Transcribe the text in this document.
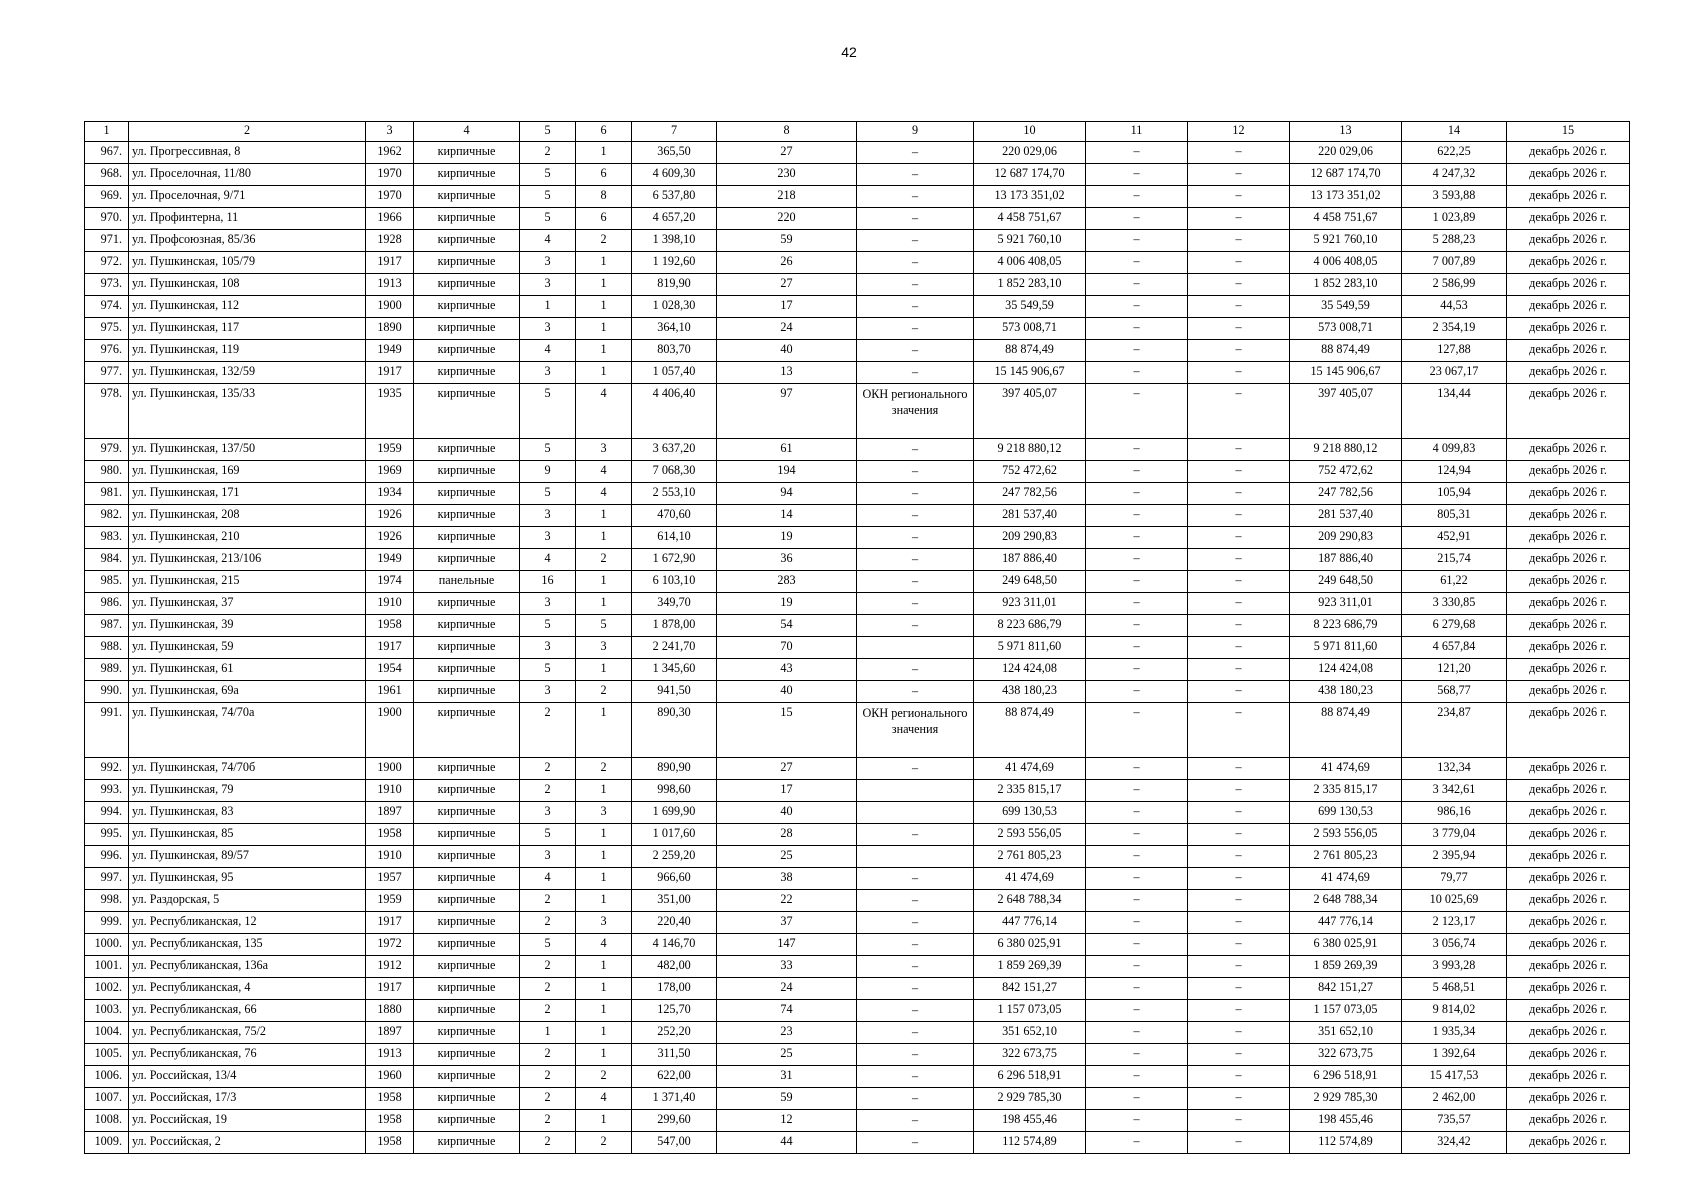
42
1	2	3	4	5	6	7	8	9	10	11	12	13	14	15
967.	ул. Прогрессивная, 8	1962	кирпичные	2	1	365,50	27	–	220 029,06	–	–	220 029,06	622,25	декабрь 2026 г.
968.	ул. Проселочная, 11/80	1970	кирпичные	5	6	4 609,30	230	–	12 687 174,70	–	–	12 687 174,70	4 247,32	декабрь 2026 г.
969.	ул. Проселочная, 9/71	1970	кирпичные	5	8	6 537,80	218	–	13 173 351,02	–	–	13 173 351,02	3 593,88	декабрь 2026 г.
970.	ул. Профинтерна, 11	1966	кирпичные	5	6	4 657,20	220	–	4 458 751,67	–	–	4 458 751,67	1 023,89	декабрь 2026 г.
971.	ул. Профсоюзная, 85/36	1928	кирпичные	4	2	1 398,10	59	–	5 921 760,10	–	–	5 921 760,10	5 288,23	декабрь 2026 г.
972.	ул. Пушкинская, 105/79	1917	кирпичные	3	1	1 192,60	26	–	4 006 408,05	–	–	4 006 408,05	7 007,89	декабрь 2026 г.
973.	ул. Пушкинская, 108	1913	кирпичные	3	1	819,90	27	–	1 852 283,10	–	–	1 852 283,10	2 586,99	декабрь 2026 г.
974.	ул. Пушкинская, 112	1900	кирпичные	1	1	1 028,30	17	–	35 549,59	–	–	35 549,59	44,53	декабрь 2026 г.
975.	ул. Пушкинская, 117	1890	кирпичные	3	1	364,10	24	–	573 008,71	–	–	573 008,71	2 354,19	декабрь 2026 г.
976.	ул. Пушкинская, 119	1949	кирпичные	4	1	803,70	40	–	88 874,49	–	–	88 874,49	127,88	декабрь 2026 г.
977.	ул. Пушкинская, 132/59	1917	кирпичные	3	1	1 057,40	13	–	15 145 906,67	–	–	15 145 906,67	23 067,17	декабрь 2026 г.
978.	ул. Пушкинская, 135/33	1935	кирпичные	5	4	4 406,40	97	ОКН регионального значения	397 405,07	–	–	397 405,07	134,44	декабрь 2026 г.
979.	ул. Пушкинская, 137/50	1959	кирпичные	5	3	3 637,20	61	–	9 218 880,12	–	–	9 218 880,12	4 099,83	декабрь 2026 г.
980.	ул. Пушкинская, 169	1969	кирпичные	9	4	7 068,30	194	–	752 472,62	–	–	752 472,62	124,94	декабрь 2026 г.
981.	ул. Пушкинская, 171	1934	кирпичные	5	4	2 553,10	94	–	247 782,56	–	–	247 782,56	105,94	декабрь 2026 г.
982.	ул. Пушкинская, 208	1926	кирпичные	3	1	470,60	14	–	281 537,40	–	–	281 537,40	805,31	декабрь 2026 г.
983.	ул. Пушкинская, 210	1926	кирпичные	3	1	614,10	19	–	209 290,83	–	–	209 290,83	452,91	декабрь 2026 г.
984.	ул. Пушкинская, 213/106	1949	кирпичные	4	2	1 672,90	36	–	187 886,40	–	–	187 886,40	215,74	декабрь 2026 г.
985.	ул. Пушкинская, 215	1974	панельные	16	1	6 103,10	283	–	249 648,50	–	–	249 648,50	61,22	декабрь 2026 г.
986.	ул. Пушкинская, 37	1910	кирпичные	3	1	349,70	19	–	923 311,01	–	–	923 311,01	3 330,85	декабрь 2026 г.
987.	ул. Пушкинская, 39	1958	кирпичные	5	5	1 878,00	54	–	8 223 686,79	–	–	8 223 686,79	6 279,68	декабрь 2026 г.
988.	ул. Пушкинская, 59	1917	кирпичные	3	3	2 241,70	70		5 971 811,60	–	–	5 971 811,60	4 657,84	декабрь 2026 г.
989.	ул. Пушкинская, 61	1954	кирпичные	5	1	1 345,60	43	–	124 424,08	–	–	124 424,08	121,20	декабрь 2026 г.
990.	ул. Пушкинская, 69а	1961	кирпичные	3	2	941,50	40	–	438 180,23	–	–	438 180,23	568,77	декабрь 2026 г.
991.	ул. Пушкинская, 74/70а	1900	кирпичные	2	1	890,30	15	ОКН регионального значения	88 874,49	–	–	88 874,49	234,87	декабрь 2026 г.
992.	ул. Пушкинская, 74/70б	1900	кирпичные	2	2	890,90	27	–	41 474,69	–	–	41 474,69	132,34	декабрь 2026 г.
993.	ул. Пушкинская, 79	1910	кирпичные	2	1	998,60	17		2 335 815,17	–	–	2 335 815,17	3 342,61	декабрь 2026 г.
994.	ул. Пушкинская, 83	1897	кирпичные	3	3	1 699,90	40		699 130,53	–	–	699 130,53	986,16	декабрь 2026 г.
995.	ул. Пушкинская, 85	1958	кирпичные	5	1	1 017,60	28	–	2 593 556,05	–	–	2 593 556,05	3 779,04	декабрь 2026 г.
996.	ул. Пушкинская, 89/57	1910	кирпичные	3	1	2 259,20	25		2 761 805,23	–	–	2 761 805,23	2 395,94	декабрь 2026 г.
997.	ул. Пушкинская, 95	1957	кирпичные	4	1	966,60	38	–	41 474,69	–	–	41 474,69	79,77	декабрь 2026 г.
998.	ул. Раздорская, 5	1959	кирпичные	2	1	351,00	22	–	2 648 788,34	–	–	2 648 788,34	10 025,69	декабрь 2026 г.
999.	ул. Республиканская, 12	1917	кирпичные	2	3	220,40	37	–	447 776,14	–	–	447 776,14	2 123,17	декабрь 2026 г.
1000.	ул. Республиканская, 135	1972	кирпичные	5	4	4 146,70	147	–	6 380 025,91	–	–	6 380 025,91	3 056,74	декабрь 2026 г.
1001.	ул. Республиканская, 136а	1912	кирпичные	2	1	482,00	33	–	1 859 269,39	–	–	1 859 269,39	3 993,28	декабрь 2026 г.
1002.	ул. Республиканская, 4	1917	кирпичные	2	1	178,00	24	–	842 151,27	–	–	842 151,27	5 468,51	декабрь 2026 г.
1003.	ул. Республиканская, 66	1880	кирпичные	2	1	125,70	74	–	1 157 073,05	–	–	1 157 073,05	9 814,02	декабрь 2026 г.
1004.	ул. Республиканская, 75/2	1897	кирпичные	1	1	252,20	23	–	351 652,10	–	–	351 652,10	1 935,34	декабрь 2026 г.
1005.	ул. Республиканская, 76	1913	кирпичные	2	1	311,50	25	–	322 673,75	–	–	322 673,75	1 392,64	декабрь 2026 г.
1006.	ул. Российская, 13/4	1960	кирпичные	2	2	622,00	31	–	6 296 518,91	–	–	6 296 518,91	15 417,53	декабрь 2026 г.
1007.	ул. Российская, 17/3	1958	кирпичные	2	4	1 371,40	59	–	2 929 785,30	–	–	2 929 785,30	2 462,00	декабрь 2026 г.
1008.	ул. Российская, 19	1958	кирпичные	2	1	299,60	12	–	198 455,46	–	–	198 455,46	735,57	декабрь 2026 г.
1009.	ул. Российская, 2	1958	кирпичные	2	2	547,00	44	–	112 574,89	–	–	112 574,89	324,42	декабрь 2026 г.
